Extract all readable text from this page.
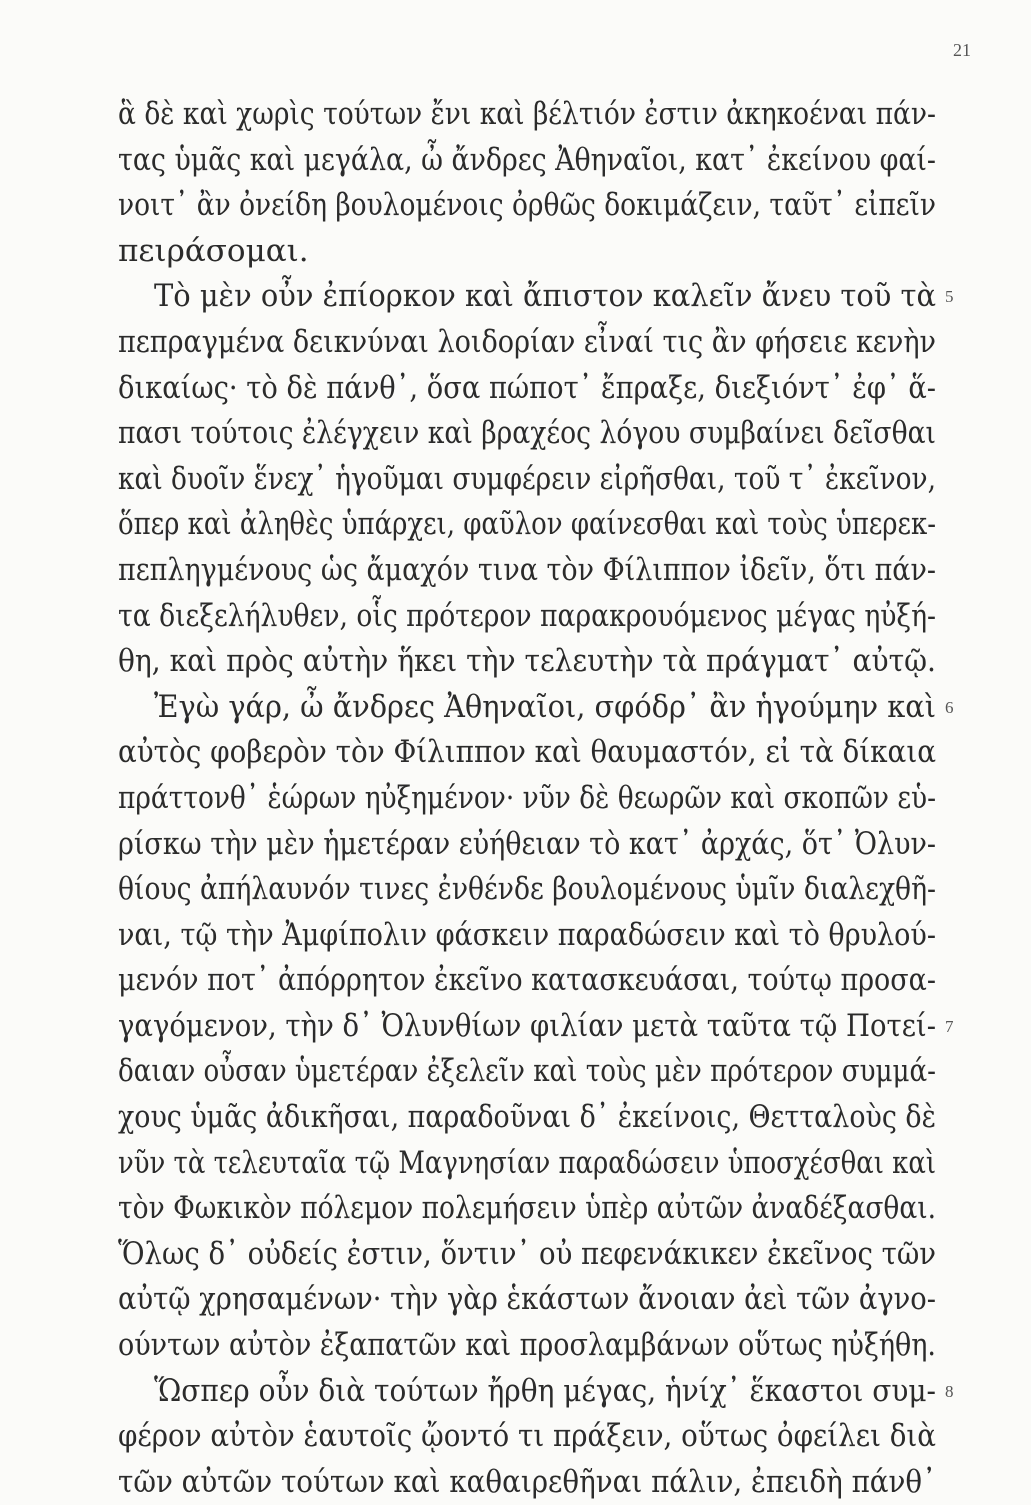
21
ἃ δὲ καὶ χωρὶς τούτων ἔνι καὶ βέλτιόν ἐστιν ἀκηκοέναι πάν-
τας ὑμᾶς καὶ μεγάλα, ὦ ἄνδρες Ἀθηναῖοι, κατ᾽ ἐκείνου φαί-
νοιτ᾽ ἂν ὀνείδη βουλομένοις ὀρθῶς δοκιμάζειν, ταῦτ᾽ εἰπεῖν
πειράσομαι.
Τὸ μὲν οὖν ἐπίορκον καὶ ἄπιστον καλεῖν ἄνευ τοῦ τὰ 5
πεπραγμένα δεικνύναι λοιδορίαν εἶναί τις ἂν φήσειε κενὴν
δικαίως· τὸ δὲ πάνθ᾽, ὅσα πώποτ᾽ ἔπραξε, διεξιόντ᾽ ἐφ᾽ ἅ-
πασι τούτοις ἐλέγχειν καὶ βραχέος λόγου συμβαίνει δεῖσθαι
καὶ δυοῖν ἕνεχ᾽ ἡγοῦμαι συμφέρειν εἰρῆσθαι, τοῦ τ᾽ ἐκεῖνον,
ὅπερ καὶ ἀληθὲς ὑπάρχει, φαῦλον φαίνεσθαι καὶ τοὺς ὑπερεκ-
πεπληγμένους ὡς ἄμαχόν τινα τὸν Φίλιππον ἰδεῖν, ὅτι πάν-
τα διεξελήλυθεν, οἷς πρότερον παρακρουόμενος μέγας ηὐξή-
θη, καὶ πρὸς αὐτὴν ἥκει τὴν τελευτὴν τὰ πράγματ᾽ αὐτῷ.
Ἐγὼ γάρ, ὦ ἄνδρες Ἀθηναῖοι, σφόδρ᾽ ἂν ἡγούμην καὶ 6
αὐτὸς φοβερὸν τὸν Φίλιππον καὶ θαυμαστόν, εἰ τὰ δίκαια
πράττονθ᾽ ἑώρων ηὐξημένον· νῦν δὲ θεωρῶν καὶ σκοπῶν εὑ-
ρίσκω τὴν μὲν ἡμετέραν εὐήθειαν τὸ κατ᾽ ἀρχάς, ὅτ᾽ Ὀλυν-
θίους ἀπήλαυνόν τινες ἐνθένδε βουλομένους ὑμῖν διαλεχθῆ-
ναι, τῷ τὴν Ἀμφίπολιν φάσκειν παραδώσειν καὶ τὸ θρυλού-
μενόν ποτ᾽ ἀπόρρητον ἐκεῖνο κατασκευάσαι, τούτῳ προσα-
γαγόμενον, τὴν δ᾽ Ὀλυνθίων φιλίαν μετὰ ταῦτα τῷ Ποτεί- 7
δαιαν οὖσαν ὑμετέραν ἐξελεῖν καὶ τοὺς μὲν πρότερον συμμά-
χους ὑμᾶς ἀδικῆσαι, παραδοῦναι δ᾽ ἐκείνοις, Θετταλοὺς δὲ
νῦν τὰ τελευταῖα τῷ Μαγνησίαν παραδώσειν ὑποσχέσθαι καὶ
τὸν Φωκικὸν πόλεμον πολεμήσειν ὑπὲρ αὐτῶν ἀναδέξασθαι.
Ὅλως δ᾽ οὐδείς ἐστιν, ὅντιν᾽ οὐ πεφενάκικεν ἐκεῖνος τῶν
αὐτῷ χρησαμένων· τὴν γὰρ ἑκάστων ἄνοιαν ἀεὶ τῶν ἀγνο-
ούντων αὐτὸν ἐξαπατῶν καὶ προσλαμβάνων οὕτως ηὐξήθη.
Ὥσπερ οὖν διὰ τούτων ἤρθη μέγας, ἡνίχ᾽ ἕκαστοι συμ- 8
φέρον αὐτὸν ἑαυτοῖς ᾤοντό τι πράξειν, οὕτως ὀφείλει διὰ
τῶν αὐτῶν τούτων καὶ καθαιρεθῆναι πάλιν, ἐπειδὴ πάνθ᾽
